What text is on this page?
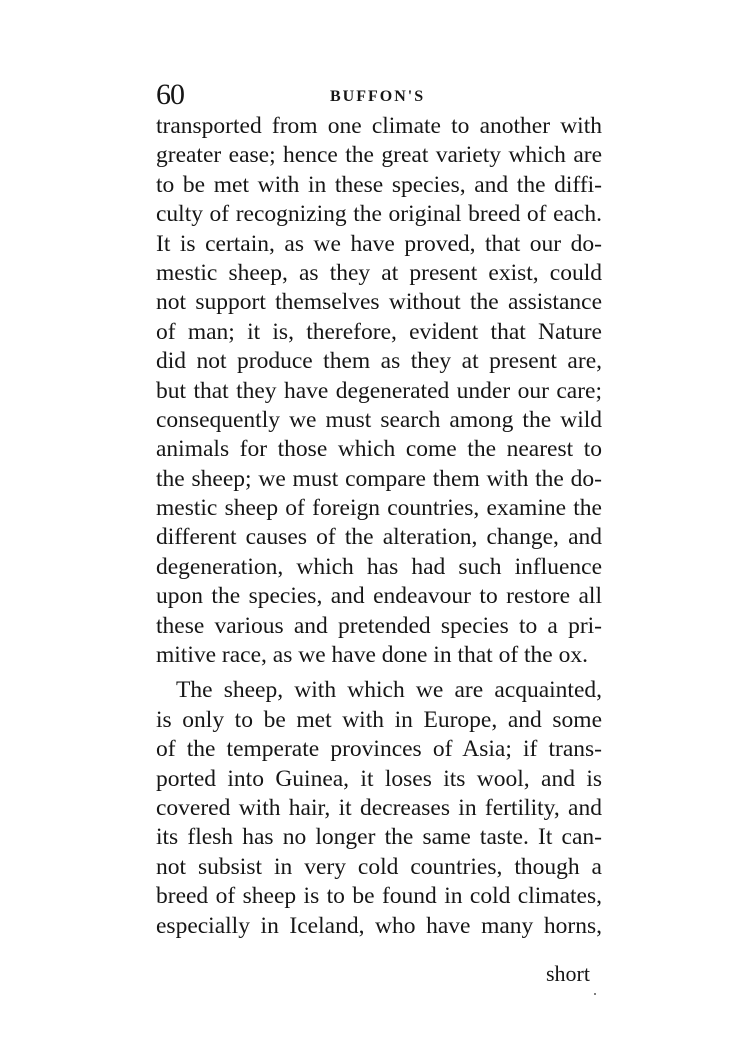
60	BUFFON'S
transported from one climate to another with
greater ease; hence the great variety which are
to be met with in these species, and the diffi-
culty of recognizing the original breed of each.
It is certain, as we have proved, that our do-
mestic sheep, as they at present exist, could
not support themselves without the assistance
of man; it is, therefore, evident that Nature
did not produce them as they at present are,
but that they have degenerated under our care;
consequently we must search among the wild
animals for those which come the nearest to
the sheep; we must compare them with the do-
mestic sheep of foreign countries, examine the
different causes of the alteration, change, and
degeneration, which has had such influence
upon the species, and endeavour to restore all
these various and pretended species to a pri-
mitive race, as we have done in that of the ox.
The sheep, with which we are acquainted,
is only to be met with in Europe, and some
of the temperate provinces of Asia; if trans-
ported into Guinea, it loses its wool, and is
covered with hair, it decreases in fertility, and
its flesh has no longer the same taste. It can-
not subsist in very cold countries, though a
breed of sheep is to be found in cold climates,
especially in Iceland, who have many horns,
short
